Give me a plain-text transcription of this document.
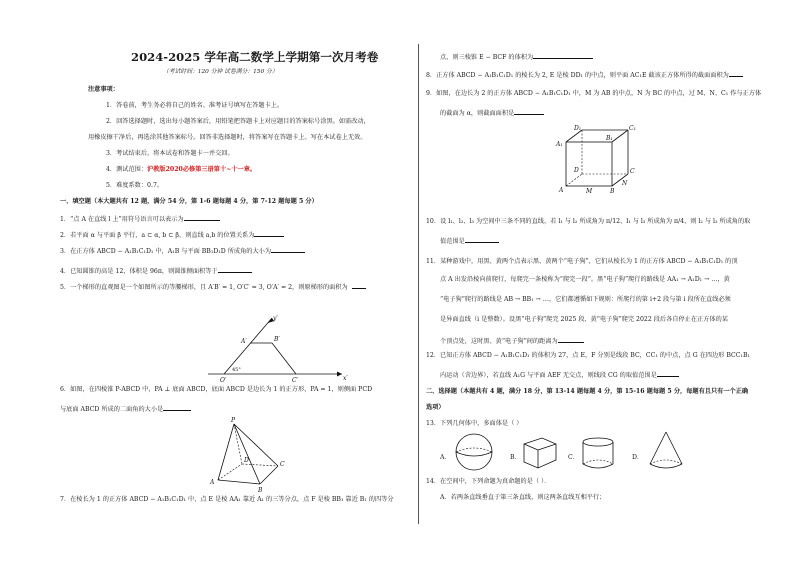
2024-2025 学年高二数学上学期第一次月考卷
（考试时间：120 分钟 试卷满分：150 分）
注意事项：
1．答卷前，考生务必将自己的姓名、准考证号填写在答题卡上。
2．回答选择题时，选出每小题答案后，用铅笔把答题卡上对应题目的答案标号涂黑。如需改动，
用橡皮擦干净后，再选涂其他答案标号。回答非选择题时，将答案写在答题卡上。写在本试卷上无效。
3．考试结束后，将本试卷和答题卡一并交回。
4．测试范围：沪教版2020必修第三册第十~十一章。
5．难度系数：0.7。
一、填空题（本大题共有 12 题，满分 54 分，第 1-6 题每题 4 分，第 7-12 题每题 5 分）
1．“点 A 在直线 l 上”用符号语言可以表示为
2．若平面 α 与平面 β 平行，a ⊂ α, b ⊂ β，则直线 a,b 的位置关系为
3．在正方体 ABCD − A₁B₁C₁D₁ 中，A₁B 与平面 BB₁D₁D 所成角的大小为
4．已知圆锥的高是 12，体积是 96π，则圆锥侧面积等于
5．一个梯形的直观图是一个如图所示的等腰梯形，且 A′B′ = 1, O′C′ = 3, O′A′ = 2，则原梯形的面积为
y′
A′	B′
45°
O′	C′	x′
6．如图，在四棱锥 P-ABCD 中，PA ⊥ 底面 ABCD，底面 ABCD 是边长为 1 的正方形，PA = 1，则侧面 PCD
与底面 ABCD 所成的二面角的大小是
P
A
B
C
D
7．在棱长为 1 的正方体 ABCD − A₁B₁C₁D₁ 中，点 E 是棱 AA₁ 靠近 A₁ 的三等分点，点 F 是棱 BB₁ 靠近 B₁ 的四等分
点，则三棱锥 E − BCF 的体积为
8．正方体 ABCD − A₁B₁C₁D₁ 的棱长为 2, E 是棱 DD₁ 的中点，则平面 AC₁E 截该正方体所得的截面面积为
9．如图，在边长为 2 的正方体 ABCD − A₁B₁C₁D₁ 中，M 为 AB 的中点，N 为 BC 的中点，过 M、N、C₁ 作与正方体
的截面为 α，则截面面积是
D₁	C₁
A₁
B₁
D	C
A	M	B
N
10．设 l₁、l₂、l₃ 为空间中三条不同的直线，若 l₁ 与 l₂ 所成角为 π/12，l₁ 与 l₃ 所成角为 π/4，则 l₂ 与 l₃ 所成角的取
值范围是
11．某种游戏中，用黑、黄两个点表示黑、黄两个“电子狗”，它们从棱长为 1 的正方体 ABCD − A₁B₁C₁D₁ 的顶
点 A 出发沿棱向前爬行，每爬完一条棱称为“爬完一段”。黑“电子狗”爬行的路线是 AA₁ → A₁D₁ → …，黄
“电子狗”爬行的路线是 AB → BB₁ → …，它们都遵循如下规则：所爬行的第 i+2 段与第 i 段所在直线必须
是异面直线（i 是整数）。设黑“电子狗”爬完 2025 段、黄“电子狗”爬完 2022 段后各自停止在正方体的某
个顶点处，这时黑、黄“电子狗”间的距离为
12．已知正方体 ABCD − A₁B₁C₁D₁ 的体积为 27，点 E，F 分别是线段 BC，CC₁ 的中点，点 G 在四边形 BCC₁B₁
内运动（含边界），若直线 A₁G 与平面 AEF 无交点，则线段 CG 的取值范围是
二、选择题（本题共有 4 题，满分 18 分，第 13-14 题每题 4 分，第 15-16 题每题 5 分，每题有且只有一个正确
选项）
13．下列几何体中，多面体是（ ）
A．	B．	C．	D．
14．在空间中，下列命题为真命题的是（ ）．
A．若两条直线垂直于第三条直线，则这两条直线互相平行；
